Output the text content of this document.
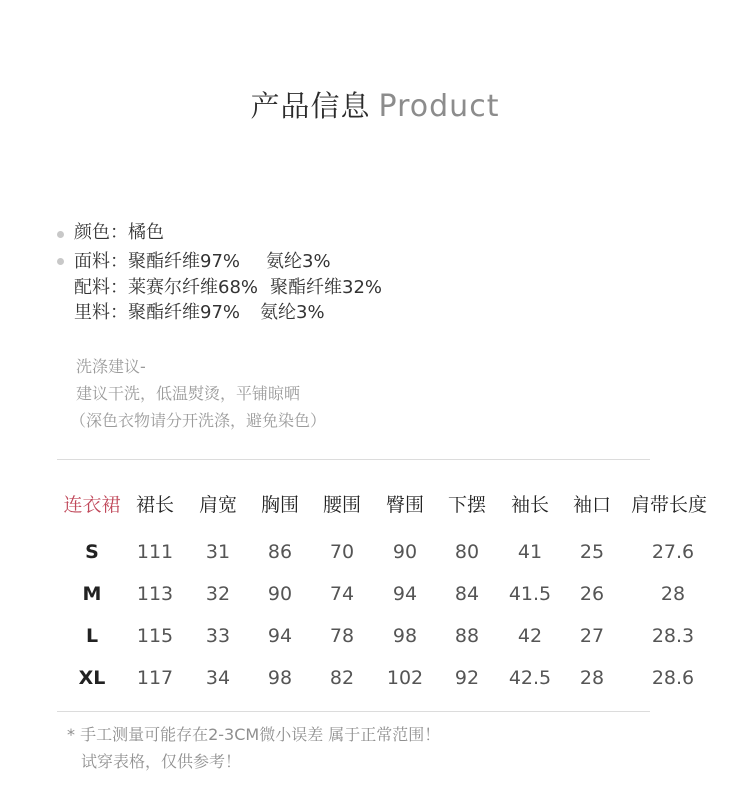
产品信息 Product
颜色：橘色
面料：聚酯纤维97% 氨纶3%
配料：莱赛尔纤维68% 聚酯纤维32%
里料：聚酯纤维97% 氨纶3%
洗涤建议-
建议干洗，低温熨烫，平铺晾晒
（深色衣物请分开洗涤，避免染色）
连衣裙 裙长 肩宽 胸围 腰围 臀围 下摆 袖长 袖口 肩带长度
S 111 31 86 70 90 80 41 25	27.6
M 113 32 90 74 94 84 41.5 26	28
L 115 33 94 78 98 88 42 27	28.3
XL 117 34 98 82 102 92 42.5 28	28.6
* 手工测量可能存在2-3CM微小误差 属于正常范围！
试穿表格，仅供参考！
